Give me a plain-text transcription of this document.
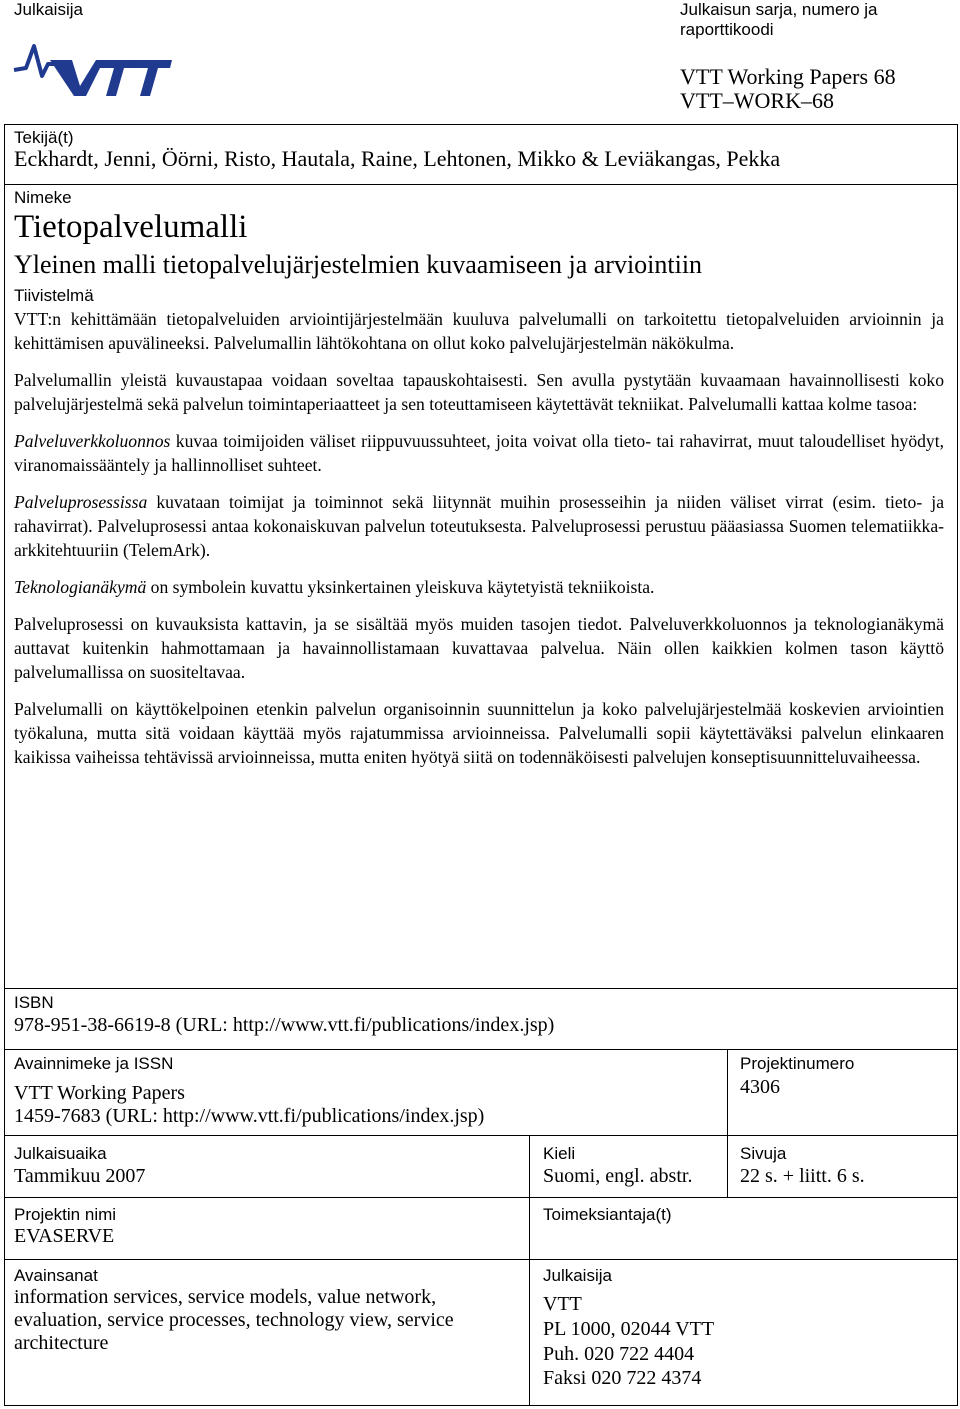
Julkaisija	Julkaisun sarja, numero ja raporttikoodi
VTT Working Papers 68
VTT–WORK–68
Tekijä(t)
Eckhardt, Jenni, Öörni, Risto, Hautala, Raine, Lehtonen, Mikko & Leviäkangas, Pekka
Nimeke
Tietopalvelumalli
Yleinen malli tietopalvelujärjestelmien kuvaamiseen ja arviointiin
Tiivistelmä

VTT:n kehittämään tietopalveluiden arviointijärjestelmään kuuluva palvelumalli on tarkoitettu tietopalveluiden arvioinnin ja kehittämisen apuvälineeksi. Palvelumallin lähtökohtana on ollut koko palvelujärjestelmän näkökulma.

Palvelumallin yleistä kuvaustapaa voidaan soveltaa tapauskohtaisesti. Sen avulla pystytään kuvaamaan havainnollisesti koko palvelujärjestelmä sekä palvelun toimintaperiaatteet ja sen toteuttamiseen käytettävät tekniikat. Palvelumalli kattaa kolme tasoa:

Palveluverkkoluonnos kuvaa toimijoiden väliset riippuvuussuhteet, joita voivat olla tieto- tai rahavirrat, muut taloudelliset hyödyt, viranomaissääntely ja hallinnolliset suhteet.

Palveluprosessissa kuvataan toimijat ja toiminnot sekä liitynnät muihin prosesseihin ja niiden väliset virrat (esim. tieto- ja rahavirrat). Palveluprosessi antaa kokonaiskuvan palvelun toteutuksesta. Palveluprosessi perustuu pääasiassa Suomen telematiikka-arkkitehtuuriin (TelemArk).

Teknologianäkymä on symbolein kuvattu yksinkertainen yleiskuva käytetyistä tekniikoista.

Palveluprosessi on kuvauksista kattavin, ja se sisältää myös muiden tasojen tiedot. Palveluverkkoluonnos ja teknologianäkymä auttavat kuitenkin hahmottamaan ja havainnollistamaan kuvattavaa palvelua. Näin ollen kaikkien kolmen tason käyttö palvelumallissa on suositeltavaa.

Palvelumalli on käyttökelpoinen etenkin palvelun organisoinnin suunnittelun ja koko palvelujärjestelmää koskevien arviointien työkaluna, mutta sitä voidaan käyttää myös rajatummissa arvioinneissa. Palvelumalli sopii käytettäväksi palvelun elinkaaren kaikissa vaiheissa tehtävissä arvioinneissa, mutta eniten hyötyä siitä on todennäköisesti palvelujen konseptisuunnitteluvaiheessa.

ISBN
978-951-38-6619-8 (URL: http://www.vtt.fi/publications/index.jsp)
Avainnimeke ja ISSN
VTT Working Papers
1459-7683 (URL: http://www.vtt.fi/publications/index.jsp)
Projektinumero
4306
Julkaisuaika
Tammikuu 2007
Kieli
Suomi, engl. abstr.
Sivuja
22 s. + liitt. 6 s.
Projektin nimi
EVASERVE
Toimeksiantaja(t)
Avainsanat
information services, service models, value network,
evaluation, service processes, technology view, service
architecture
Julkaisija
VTT
PL 1000, 02044 VTT
Puh. 020 722 4404
Faksi 020 722 4374
